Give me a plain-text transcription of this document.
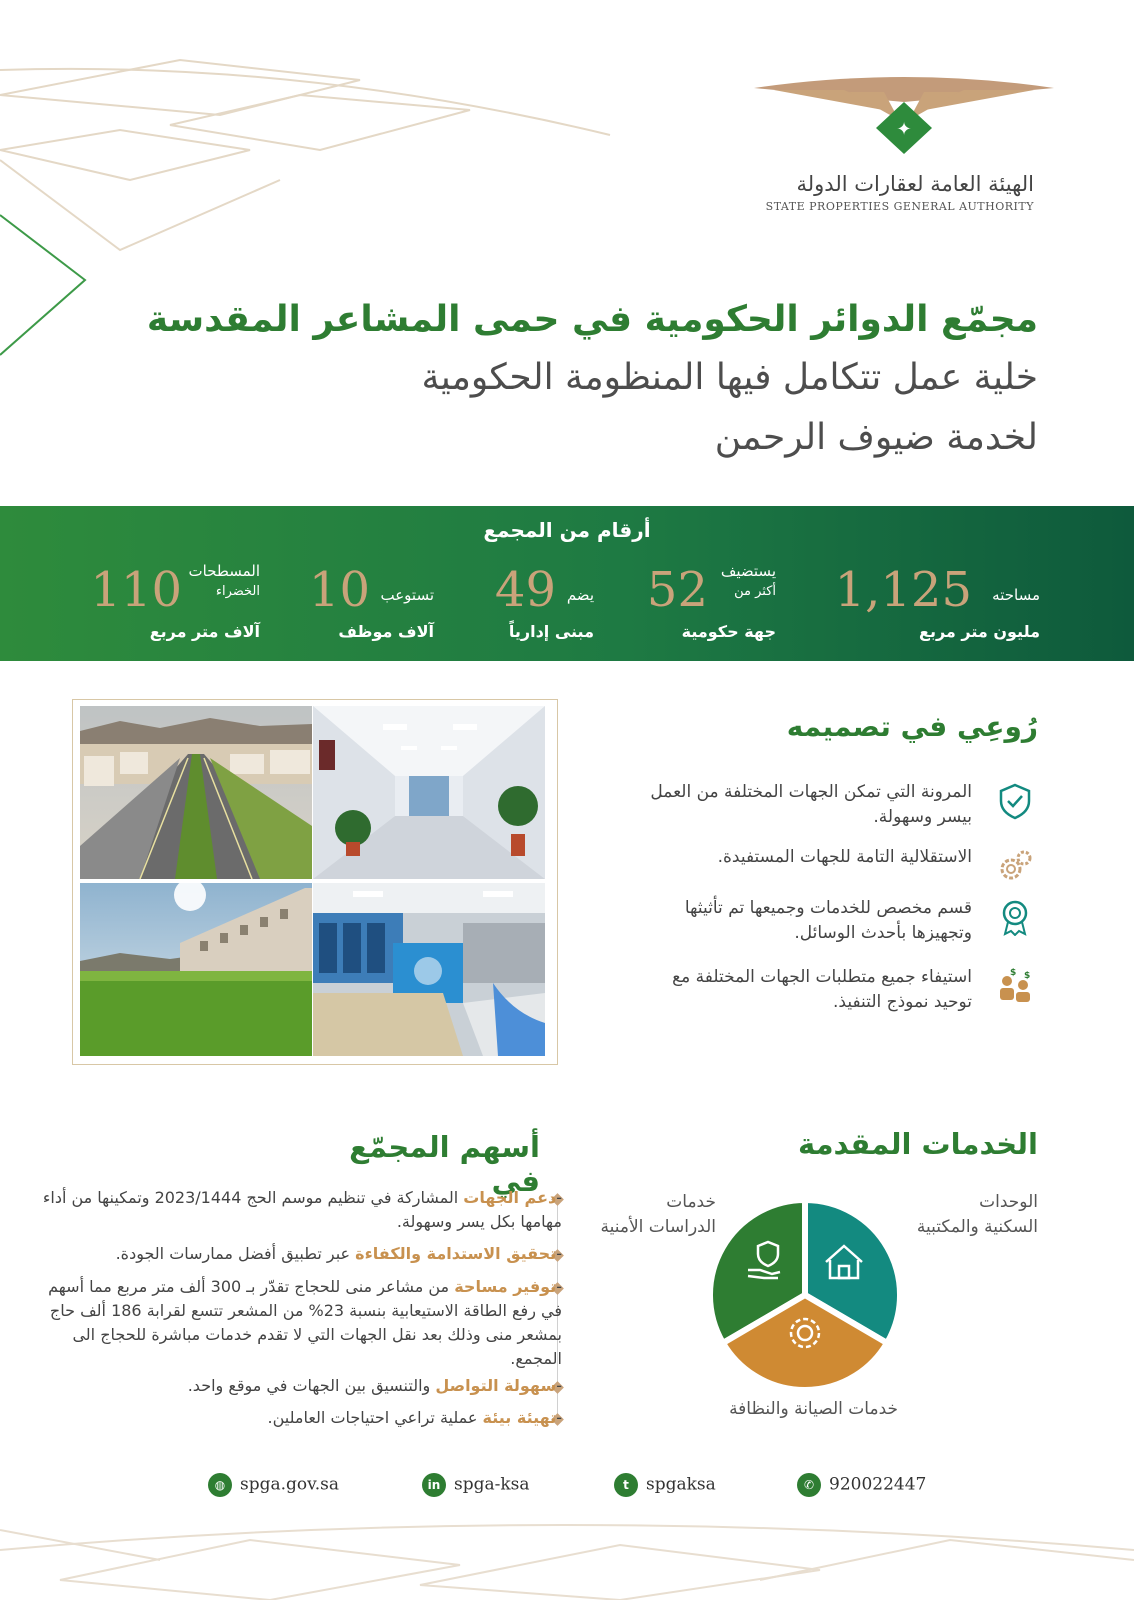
✦
الهيئة العامة لعقارات الدولة
STATE PROPERTIES GENERAL AUTHORITY
مجمّع الدوائر الحكومية في حمى المشاعر المقدسة
خلية عمل تتكامل فيها المنظومة الحكومية
لخدمة ضيوف الرحمن
أرقام من المجمع
مساحته
1,125
مليون متر مربع
يستضيف
أكثر من
52
جهة حكومية
يضم
49
مبنى إدارياً
تستوعب
10
آلاف موظف
المسطحات
الخضراء
110
آلاف متر مربع
رُوعِي في تصميمه
المرونة التي تمكن الجهات المختلفة من العمل بيسر وسهولة.
الاستقلالية التامة للجهات المستفيدة.
قسم مخصص للخدمات وجميعها تم تأثيثها وتجهيزها بأحدث الوسائل.
$ $
استيفاء جميع متطلبات الجهات المختلفة مع توحيد نموذج التنفيذ.
الخدمات المقدمة
الوحدات
السكنية والمكتبية
خدمات
الدراسات الأمنية
خدمات الصيانة والنظافة
أسهم المجمّع في	-دعم الجهات المشاركة في تنظيم موسم الحج 2023/1444 وتمكينها من أداء مهامها بكل يسر وسهولة.
-تحقيق الاستدامة والكفاءة عبر تطبيق أفضل ممارسات الجودة.
-توفير مساحة من مشاعر منى للحجاج تقدّر بـ 300 ألف متر مربع مما أسهم في رفع الطاقة الاستيعابية بنسبة 23% من المشعر تتسع لقرابة 186 ألف حاج بمشعر منى وذلك بعد نقل الجهات التي لا تقدم خدمات مباشرة للحجاج الى المجمع.
-سهولة التواصل والتنسيق بين الجهات في موقع واحد.
-تهيئة بيئة عملية تراعي احتياجات العاملين.
◍ spga.gov.sa	in spga-ksa	t	spgaksa	✆ 920022447
